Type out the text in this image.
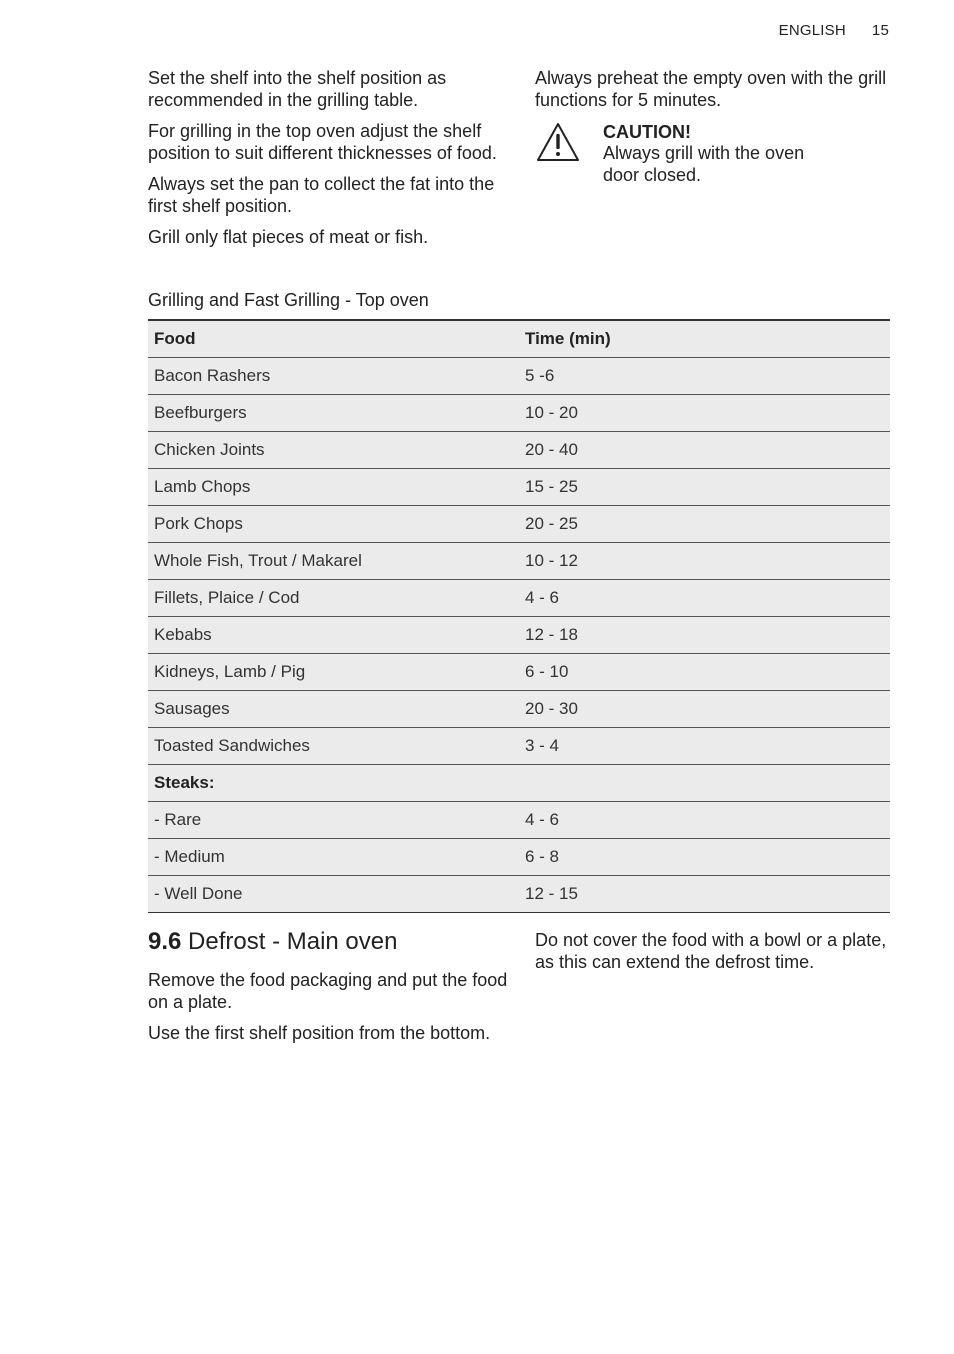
ENGLISH 15

Set the shelf into the shelf position as recommended in the grilling table.

For grilling in the top oven adjust the shelf position to suit different thicknesses of food.

Always set the pan to collect the fat into the first shelf position.

Grill only flat pieces of meat or fish.

Always preheat the empty oven with the grill functions for 5 minutes.

CAUTION!
Always grill with the oven door closed.
Grilling and Fast Grilling - Top oven
Food	Time (min)
Bacon Rashers	5 -6
Beefburgers	10 - 20
Chicken Joints	20 - 40
Lamb Chops	15 - 25
Pork Chops	20 - 25
Whole Fish, Trout / Makarel	10 - 12
Fillets, Plaice / Cod	4 - 6
Kebabs	12 - 18
Kidneys, Lamb / Pig	6 - 10
Sausages	20 - 30
Toasted Sandwiches	3 - 4
Steaks:	
- Rare	4 - 6
- Medium	6 - 8
- Well Done	12 - 15
9.6 Defrost - Main oven

Remove the food packaging and put the food on a plate.

Use the first shelf position from the bottom.

Do not cover the food with a bowl or a plate, as this can extend the defrost time.
